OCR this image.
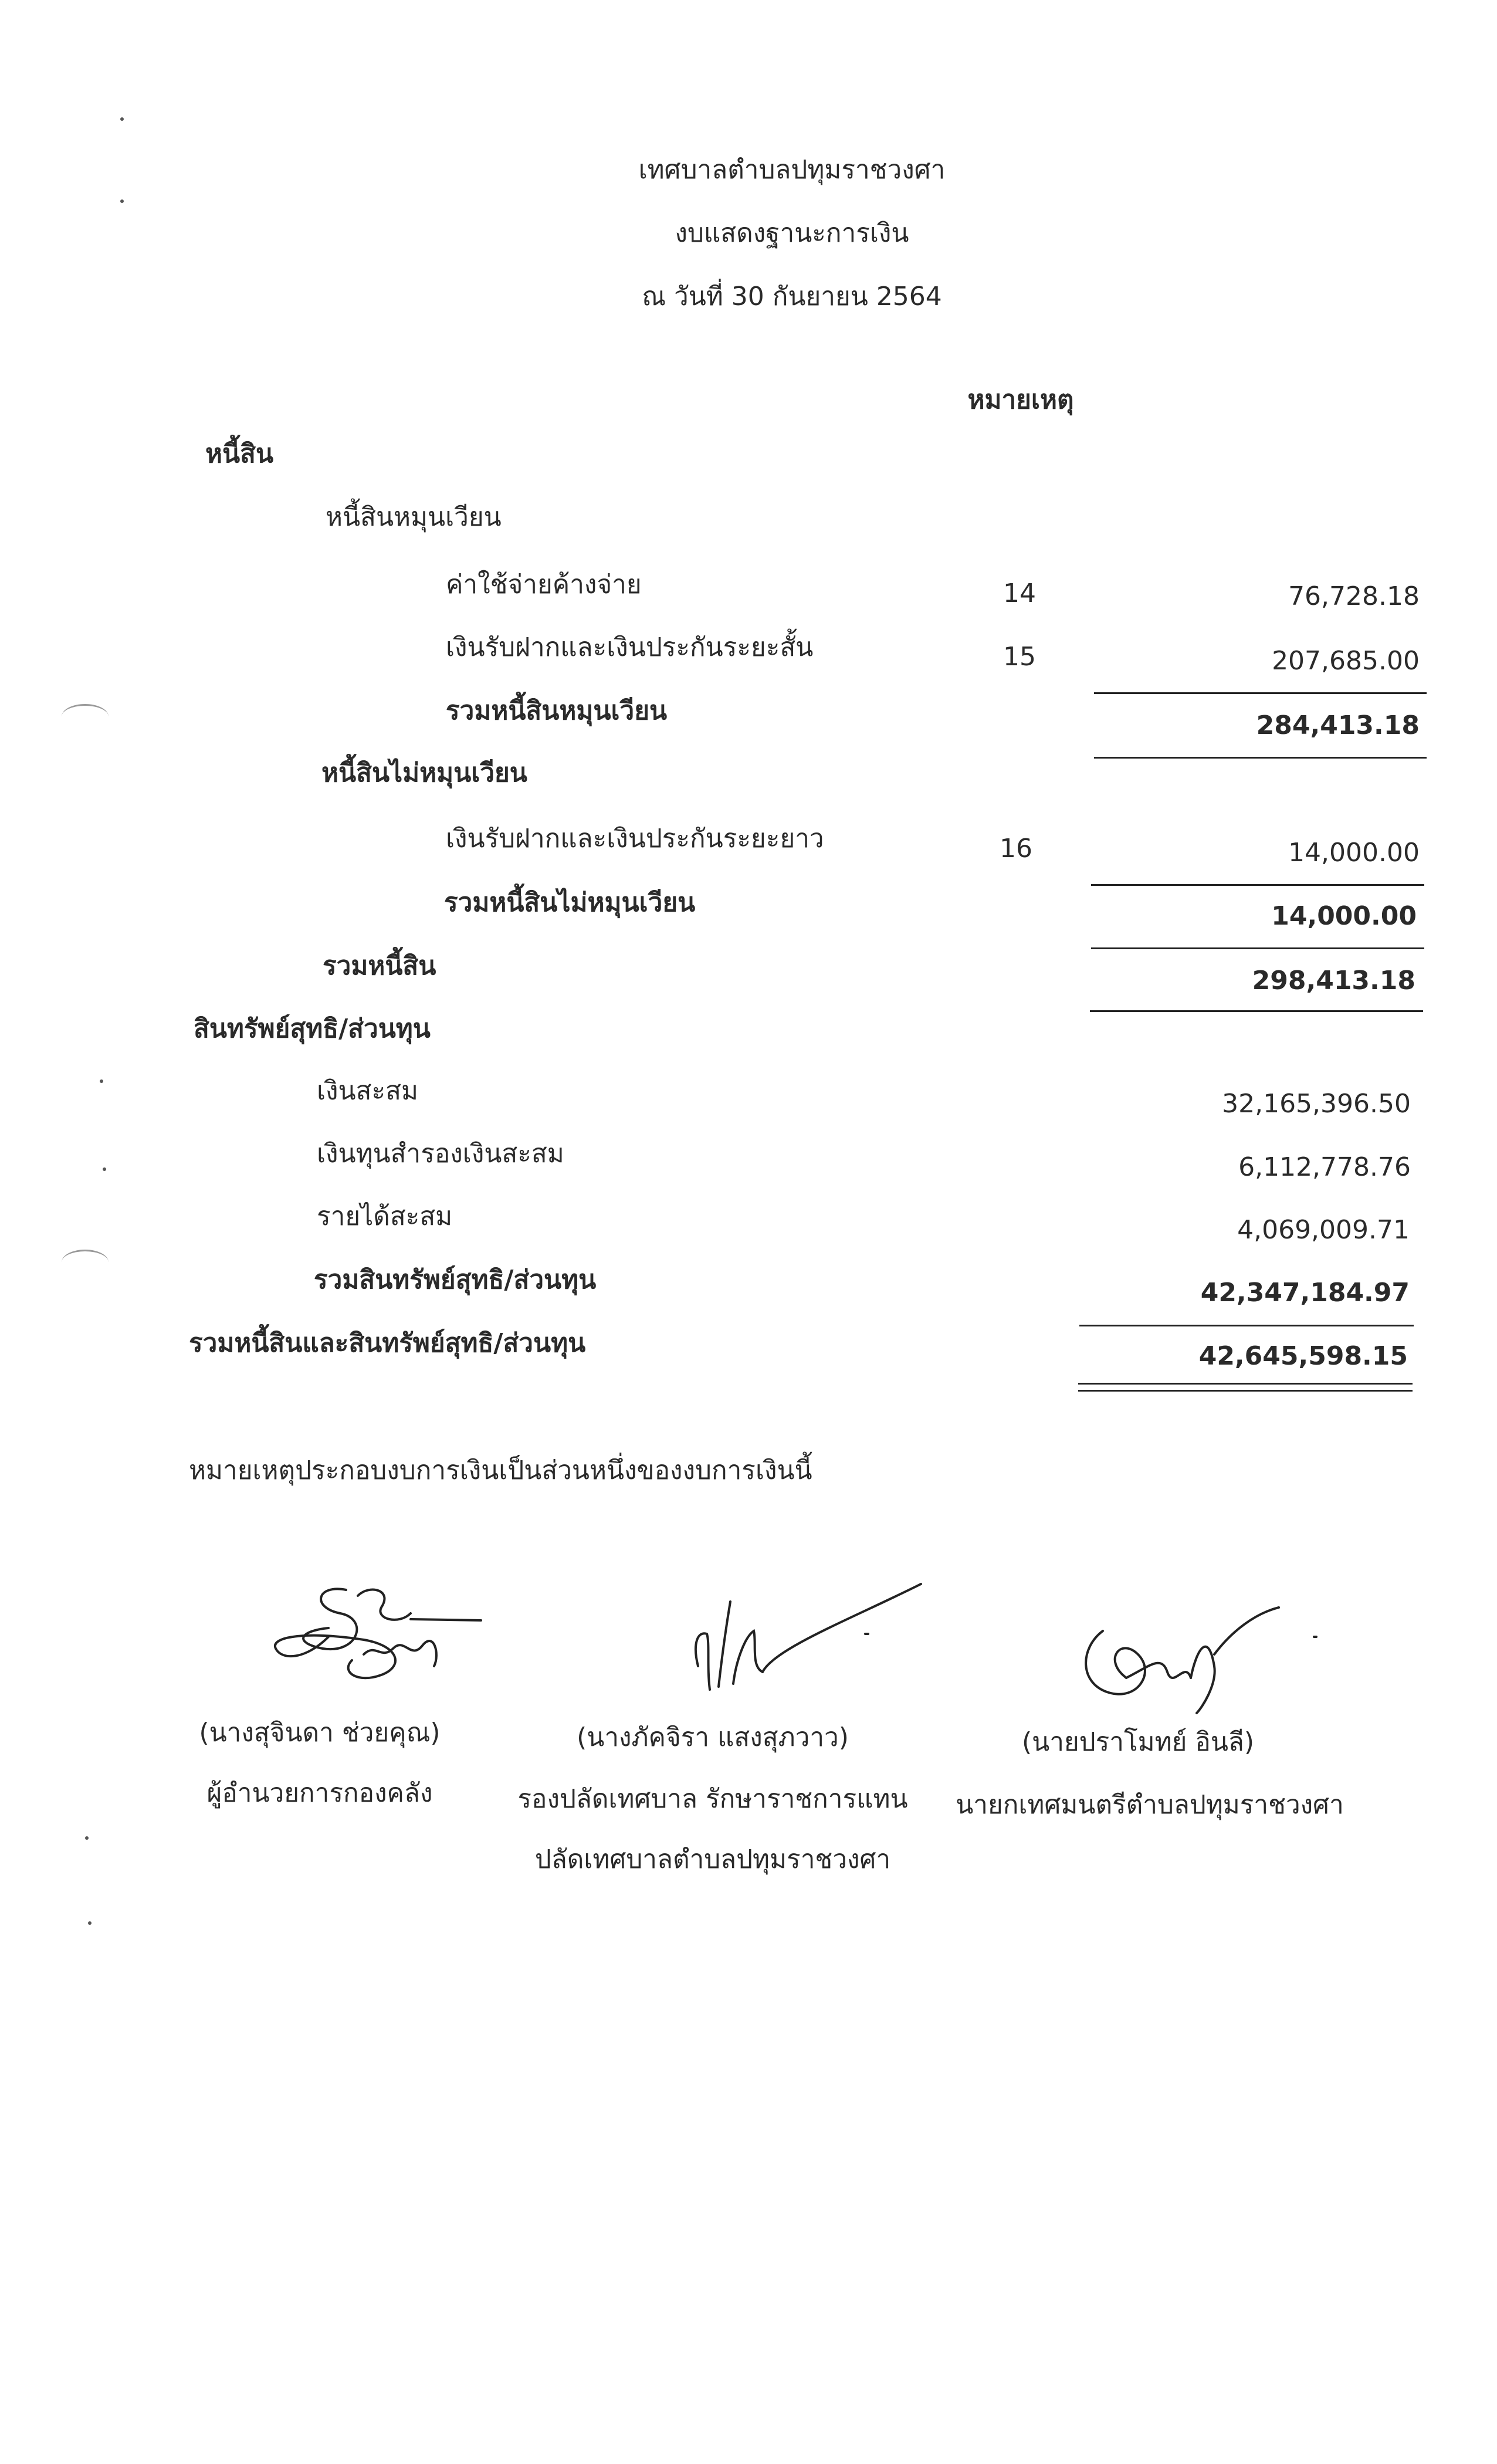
เทศบาลตำบลปทุมราชวงศา
งบแสดงฐานะการเงิน
ณ วันที่ 30 กันยายน 2564
หมายเหตุ
หนี้สิน
หนี้สินหมุนเวียน
ค่าใช้จ่ายค้างจ่าย	14	76,728.18
เงินรับฝากและเงินประกันระยะสั้น	15	207,685.00
รวมหนี้สินหมุนเวียน	284,413.18
หนี้สินไม่หมุนเวียน
เงินรับฝากและเงินประกันระยะยาว	16	14,000.00
รวมหนี้สินไม่หมุนเวียน	14,000.00
รวมหนี้สิน	298,413.18
สินทรัพย์สุทธิ/ส่วนทุน
เงินสะสม	32,165,396.50
เงินทุนสำรองเงินสะสม	6,112,778.76
รายได้สะสม	4,069,009.71
รวมสินทรัพย์สุทธิ/ส่วนทุน	42,347,184.97
รวมหนี้สินและสินทรัพย์สุทธิ/ส่วนทุน	42,645,598.15
หมายเหตุประกอบงบการเงินเป็นส่วนหนึ่งของงบการเงินนี้
(นางสุจินดา ช่วยคุณ)
ผู้อำนวยการกองคลัง
(นางภัคจิรา แสงสุภวาว)
รองปลัดเทศบาล รักษาราชการแทน
ปลัดเทศบาลตำบลปทุมราชวงศา
(นายปราโมทย์ อินลี)
นายกเทศมนตรีตำบลปทุมราชวงศา
